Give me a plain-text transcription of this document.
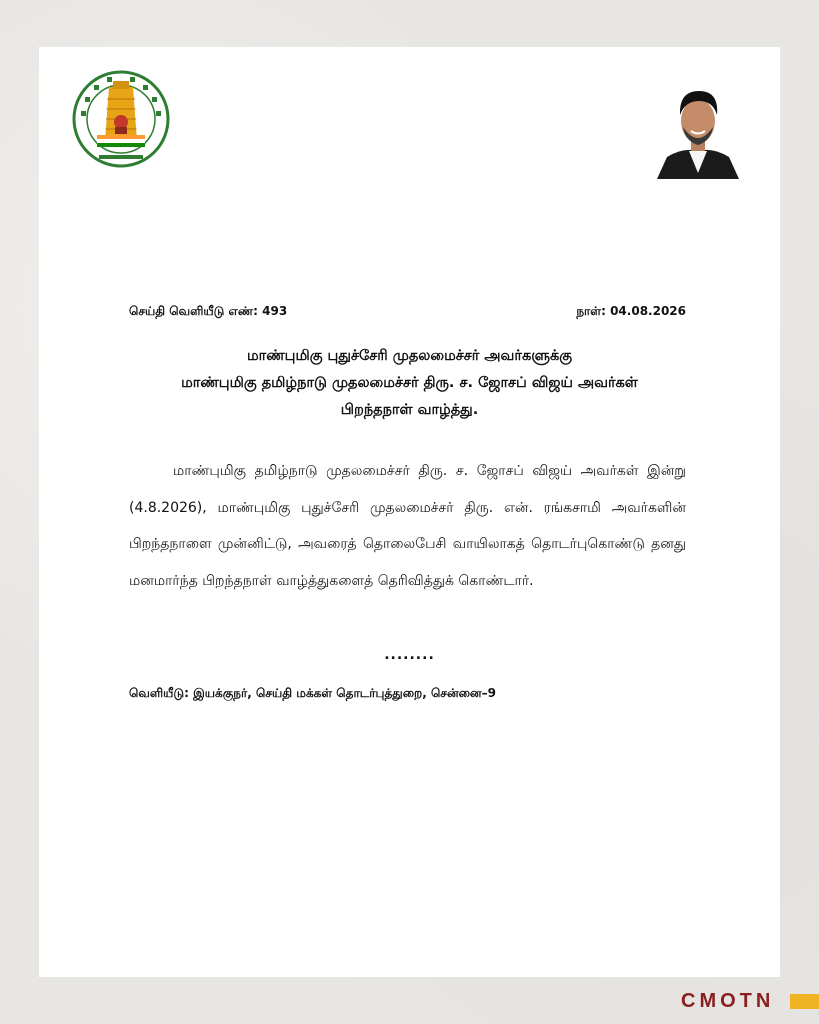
செய்தி வெளியீடு எண்: 493	நாள்: 04.08.2026
மாண்புமிகு புதுச்சேரி முதலமைச்சர் அவர்களுக்கு
மாண்புமிகு தமிழ்நாடு முதலமைச்சர் திரு. ச. ஜோசப் விஜய் அவர்கள்
பிறந்தநாள் வாழ்த்து.

மாண்புமிகு தமிழ்நாடு முதலமைச்சர் திரு. ச. ஜோசப் விஜய் அவர்கள் இன்று (4.8.2026), மாண்புமிகு புதுச்சேரி முதலமைச்சர் திரு. என். ரங்கசாமி அவர்களின் பிறந்தநாளை முன்னிட்டு, அவரைத் தொலைபேசி வாயிலாகத் தொடர்புகொண்டு தனது மனமார்ந்த பிறந்தநாள் வாழ்த்துகளைத் தெரிவித்துக் கொண்டார்.

........
வெளியீடு: இயக்குநர், செய்தி மக்கள் தொடர்புத்துறை, சென்னை–9
CMOTN
